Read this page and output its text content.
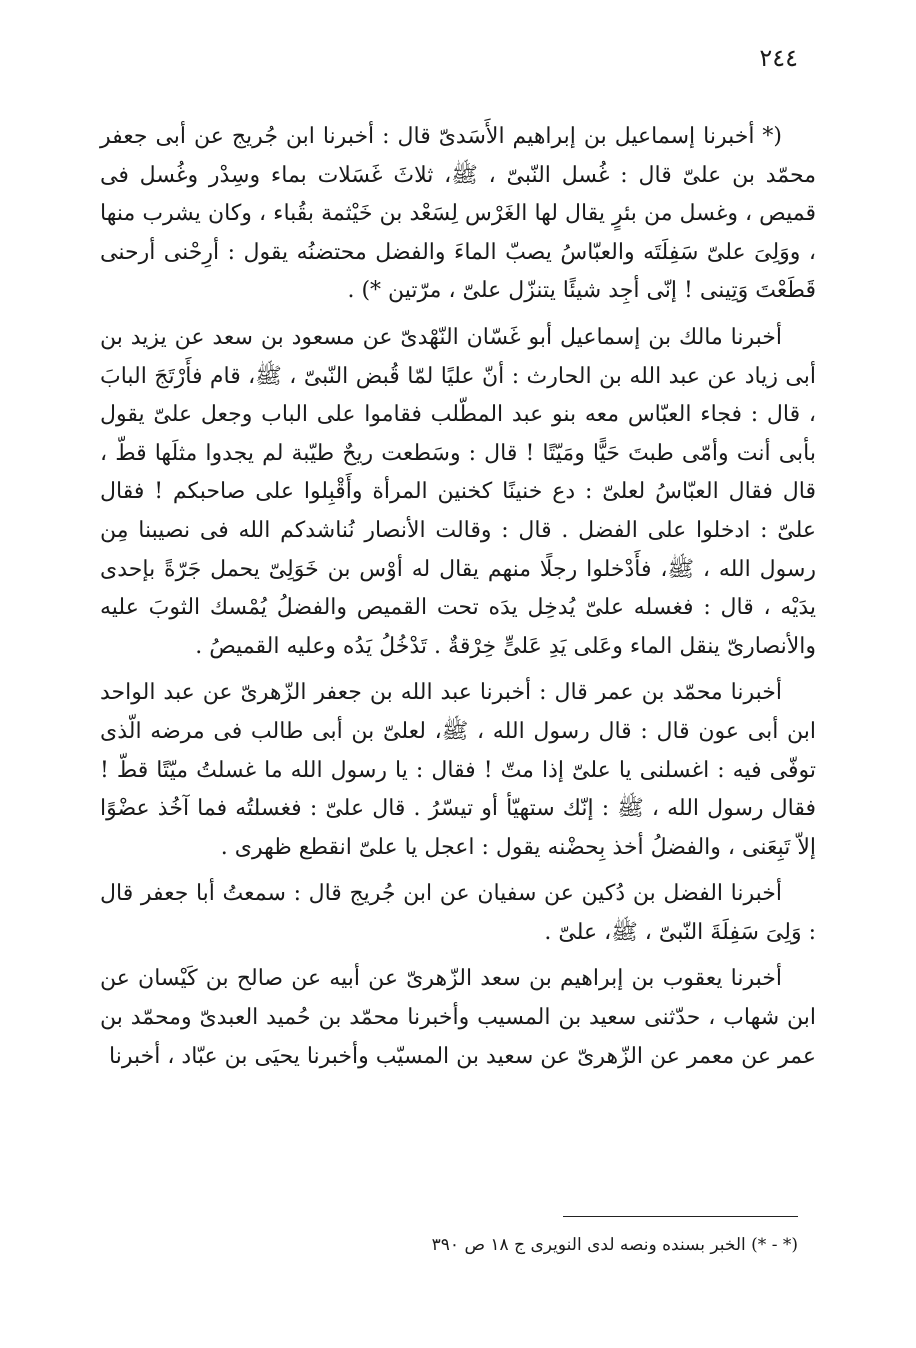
٢٤٤

(* أخبرنا إسماعيل بن إبراهيم الأَسَدىّ قال : أخبرنا ابن جُريج عن أبى جعفر محمّد بن علىّ قال : غُسل النّبىّ ، ﷺ، ثلاثَ غَسَلات بماء وسِدْر وغُسل فى قميص ، وغسل من بئرٍ يقال لها الغَرْس لِسَعْد بن خَيْثمة بقُباء ، وكان يشرب منها ، ووَلِىَ علىّ سَفِلَتَه والعبّاسُ يصبّ الماءَ والفضل محتضنُه يقول : أرِحْنى أرحنى قَطَعْتَ وَتِينى ! إنّى أجِد شيئًا يتنزّل علىّ ، مرّتين *) .

أخبرنا مالك بن إسماعيل أبو غَسّان النّهْدىّ عن مسعود بن سعد عن يزيد بن أبى زياد عن عبد الله بن الحارث : أنّ عليًا لمّا قُبض النّبىّ ، ﷺ، قام فأَرْتَجَ البابَ ، قال : فجاء العبّاس معه بنو عبد المطّلب فقاموا على الباب وجعل علىّ يقول بأبى أنت وأمّى طبتَ حَيًّا ومَيّتًا ! قال : وسَطعت ريحٌ طيّبة لم يجدوا مثلَها قطّ ، قال فقال العبّاسُ لعلىّ : دع خنينًا كخنين المرأة وأَقْبِلوا على صاحبكم ! فقال علىّ : ادخلوا على الفضل . قال : وقالت الأنصار نُناشدكم الله فى نصيبنا مِن رسول الله ، ﷺ، فأَدْخلوا رجلًا منهم يقال له أوْس بن خَوَلِىّ يحمل جَرّةً بإحدى يدَيْه ، قال : فغسله علىّ يُدخِل يدَه تحت القميص والفضلُ يُمْسك الثوبَ عليه والأنصارىّ ينقل الماء وعَلى يَدِ عَلىٍّ خِرْقةٌ . تَدْخُلُ يَدُه وعليه القميصُ .

أخبرنا محمّد بن عمر قال : أخبرنا عبد الله بن جعفر الزّهرىّ عن عبد الواحد ابن أبى عون قال : قال رسول الله ، ﷺ، لعلىّ بن أبى طالب فى مرضه الّذى توفّى فيه : اغسلنى يا علىّ إذا متّ ! فقال : يا رسول الله ما غسلتُ ميّتًا قطّ ! فقال رسول الله ، ﷺ : إنّك ستهيّأ أو تيسّرُ . قال علىّ : فغسلتُه فما آخُذ عضْوًا إلاّ تَبِعَنى ، والفضلُ أخذ بِحضْنه يقول : اعجل يا علىّ انقطع ظهرى .

أخبرنا الفضل بن دُكين عن سفيان عن ابن جُريج قال : سمعتُ أبا جعفر قال : وَلِىَ سَفِلَةَ النّبىّ ، ﷺ، علىّ .

أخبرنا يعقوب بن إبراهيم بن سعد الزّهرىّ عن أبيه عن صالح بن كَيْسان عن ابن شهاب ، حدّثنى سعيد بن المسيب وأخبرنا محمّد بن حُميد العبدىّ ومحمّد بن عمر عن معمر عن الزّهرىّ عن سعيد بن المسيّب وأخبرنا يحيَى بن عبّاد ، أخبرنا

(* - *) الخبر بسنده ونصه لدى النويرى ج ١٨ ص ٣٩٠
